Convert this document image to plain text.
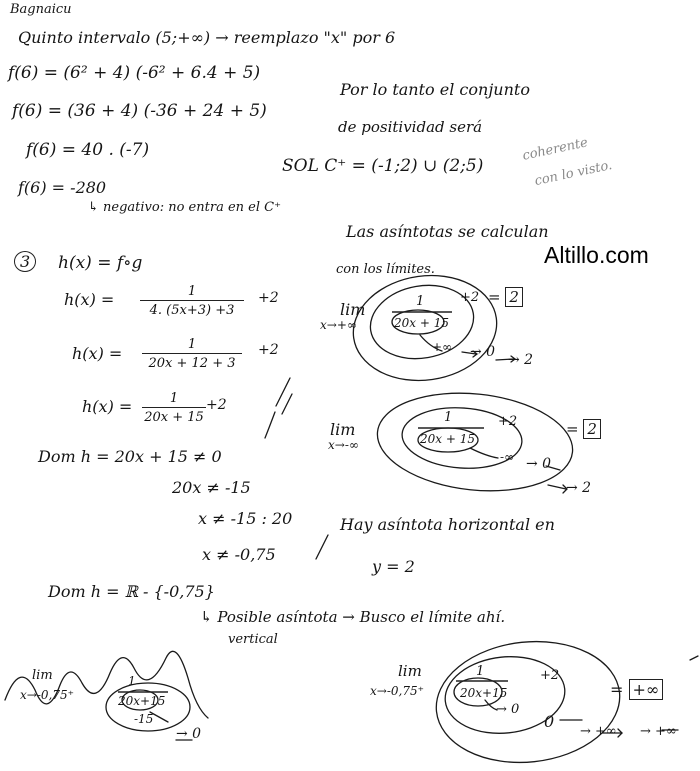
Bagnaicu
Quinto intervalo (5;+∞) → reemplazo "x" por 6
f(6) = (6² + 4) (-6² + 6.4 + 5)
f(6) = (36 + 4) (-36 + 24 + 5)
f(6) = 40 . (-7)
f(6) = -280
↳ negativo: no entra en el C⁺
Por lo tanto el conjunto
de positividad será
SOL C⁺ = (-1;2) ∪ (2;5)
coherente
con lo visto.
Las asíntotas se calculan
con los límites.
Altillo.com
3	h(x) = f∘g
$h(x) = \frac{1}{4. (5x+3) +3} +2$
$h(x) = \frac{1}{20x + 12 + 3} +2$
$h(x) = \frac{1}{20x + 15} +2$
Dom h = 20x + 15 ≠ 0
20x ≠ -15
x ≠ -15 : 20
x ≠ -0,75
Dom h = ℝ - {-0,75}
↳ Posible asíntota → Busco el límite ahí.
vertical
lim
x→+∞
1
20x + 15
+2
+∞ → 0 → 2
= 2
lim
x→-∞
1
20x + 15
+2
-∞ → 0
→ 2
= 2
Hay asíntota horizontal en
y = 2
lim
x→-0,75⁺
1
20x+15
-15
→ 0
lim
x→-0,75⁺
1
20x+15
+2
= +∞
→ 0
0
→ +∞ → +∞
